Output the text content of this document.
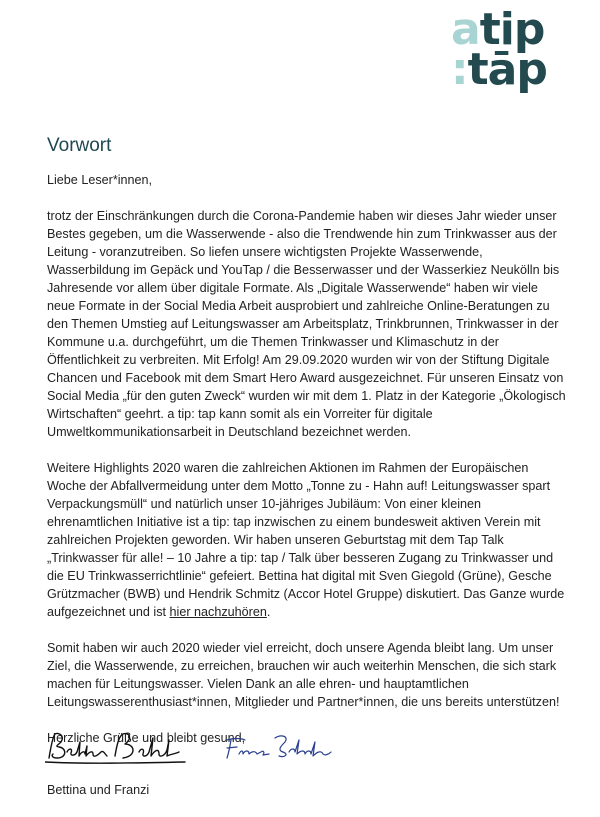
atip
:tāp
Vorwort

Liebe Leser*innen,

trotz der Einschränkungen durch die Corona-Pandemie haben wir dieses Jahr wieder unser Bestes gegeben, um die Wasserwende - also die Trendwende hin zum Trinkwasser aus der Leitung - voranzutreiben. So liefen unsere wichtigsten Projekte Wasserwende, Wasserbildung im Gepäck und YouTap / die Besserwasser und der Wasserkiez Neukölln bis Jahresende vor allem über digitale Formate. Als „Digitale Wasserwende“ haben wir viele neue Formate in der Social Media Arbeit ausprobiert und zahlreiche Online-Beratungen zu den Themen Umstieg auf Leitungswasser am Arbeitsplatz, Trinkbrunnen, Trinkwasser in der Kommune u.a. durchgeführt, um die Themen Trinkwasser und Klimaschutz in der Öffentlichkeit zu verbreiten. Mit Erfolg! Am 29.09.2020 wurden wir von der Stiftung Digitale Chancen und Facebook mit dem Smart Hero Award ausgezeichnet. Für unseren Einsatz von Social Media „für den guten Zweck“ wurden wir mit dem 1. Platz in der Kategorie „Ökologisch Wirtschaften“ geehrt. a tip: tap kann somit als ein Vorreiter für digitale Umweltkommunikationsarbeit in Deutschland bezeichnet werden.

Weitere Highlights 2020 waren die zahlreichen Aktionen im Rahmen der Europäischen Woche der Abfallvermeidung unter dem Motto „Tonne zu - Hahn auf! Leitungswasser spart Verpackungsmüll“ und natürlich unser 10-jähriges Jubiläum: Von einer kleinen ehrenamtlichen Initiative ist a tip: tap inzwischen zu einem bundesweit aktiven Verein mit zahlreichen Projekten geworden. Wir haben unseren Geburtstag mit dem Tap Talk „Trinkwasser für alle! – 10 Jahre a tip: tap / Talk über besseren Zugang zu Trinkwasser und die EU Trinkwasserrichtlinie“ gefeiert. Bettina hat digital mit Sven Giegold (Grüne), Gesche Grützmacher (BWB) und Hendrik Schmitz (Accor Hotel Gruppe) diskutiert. Das Ganze wurde aufgezeichnet und ist hier nachzuhören.

Somit haben wir auch 2020 wieder viel erreicht, doch unsere Agenda bleibt lang. Um unser Ziel, die Wasserwende, zu erreichen, brauchen wir auch weiterhin Menschen, die sich stark machen für Leitungswasser. Vielen Dank an alle ehren- und hauptamtlichen Leitungswasserenthusiast*innen, Mitglieder und Partner*innen, die uns bereits unterstützen!

Herzliche Grüße und bleibt gesund,

Bettina und Franzi
